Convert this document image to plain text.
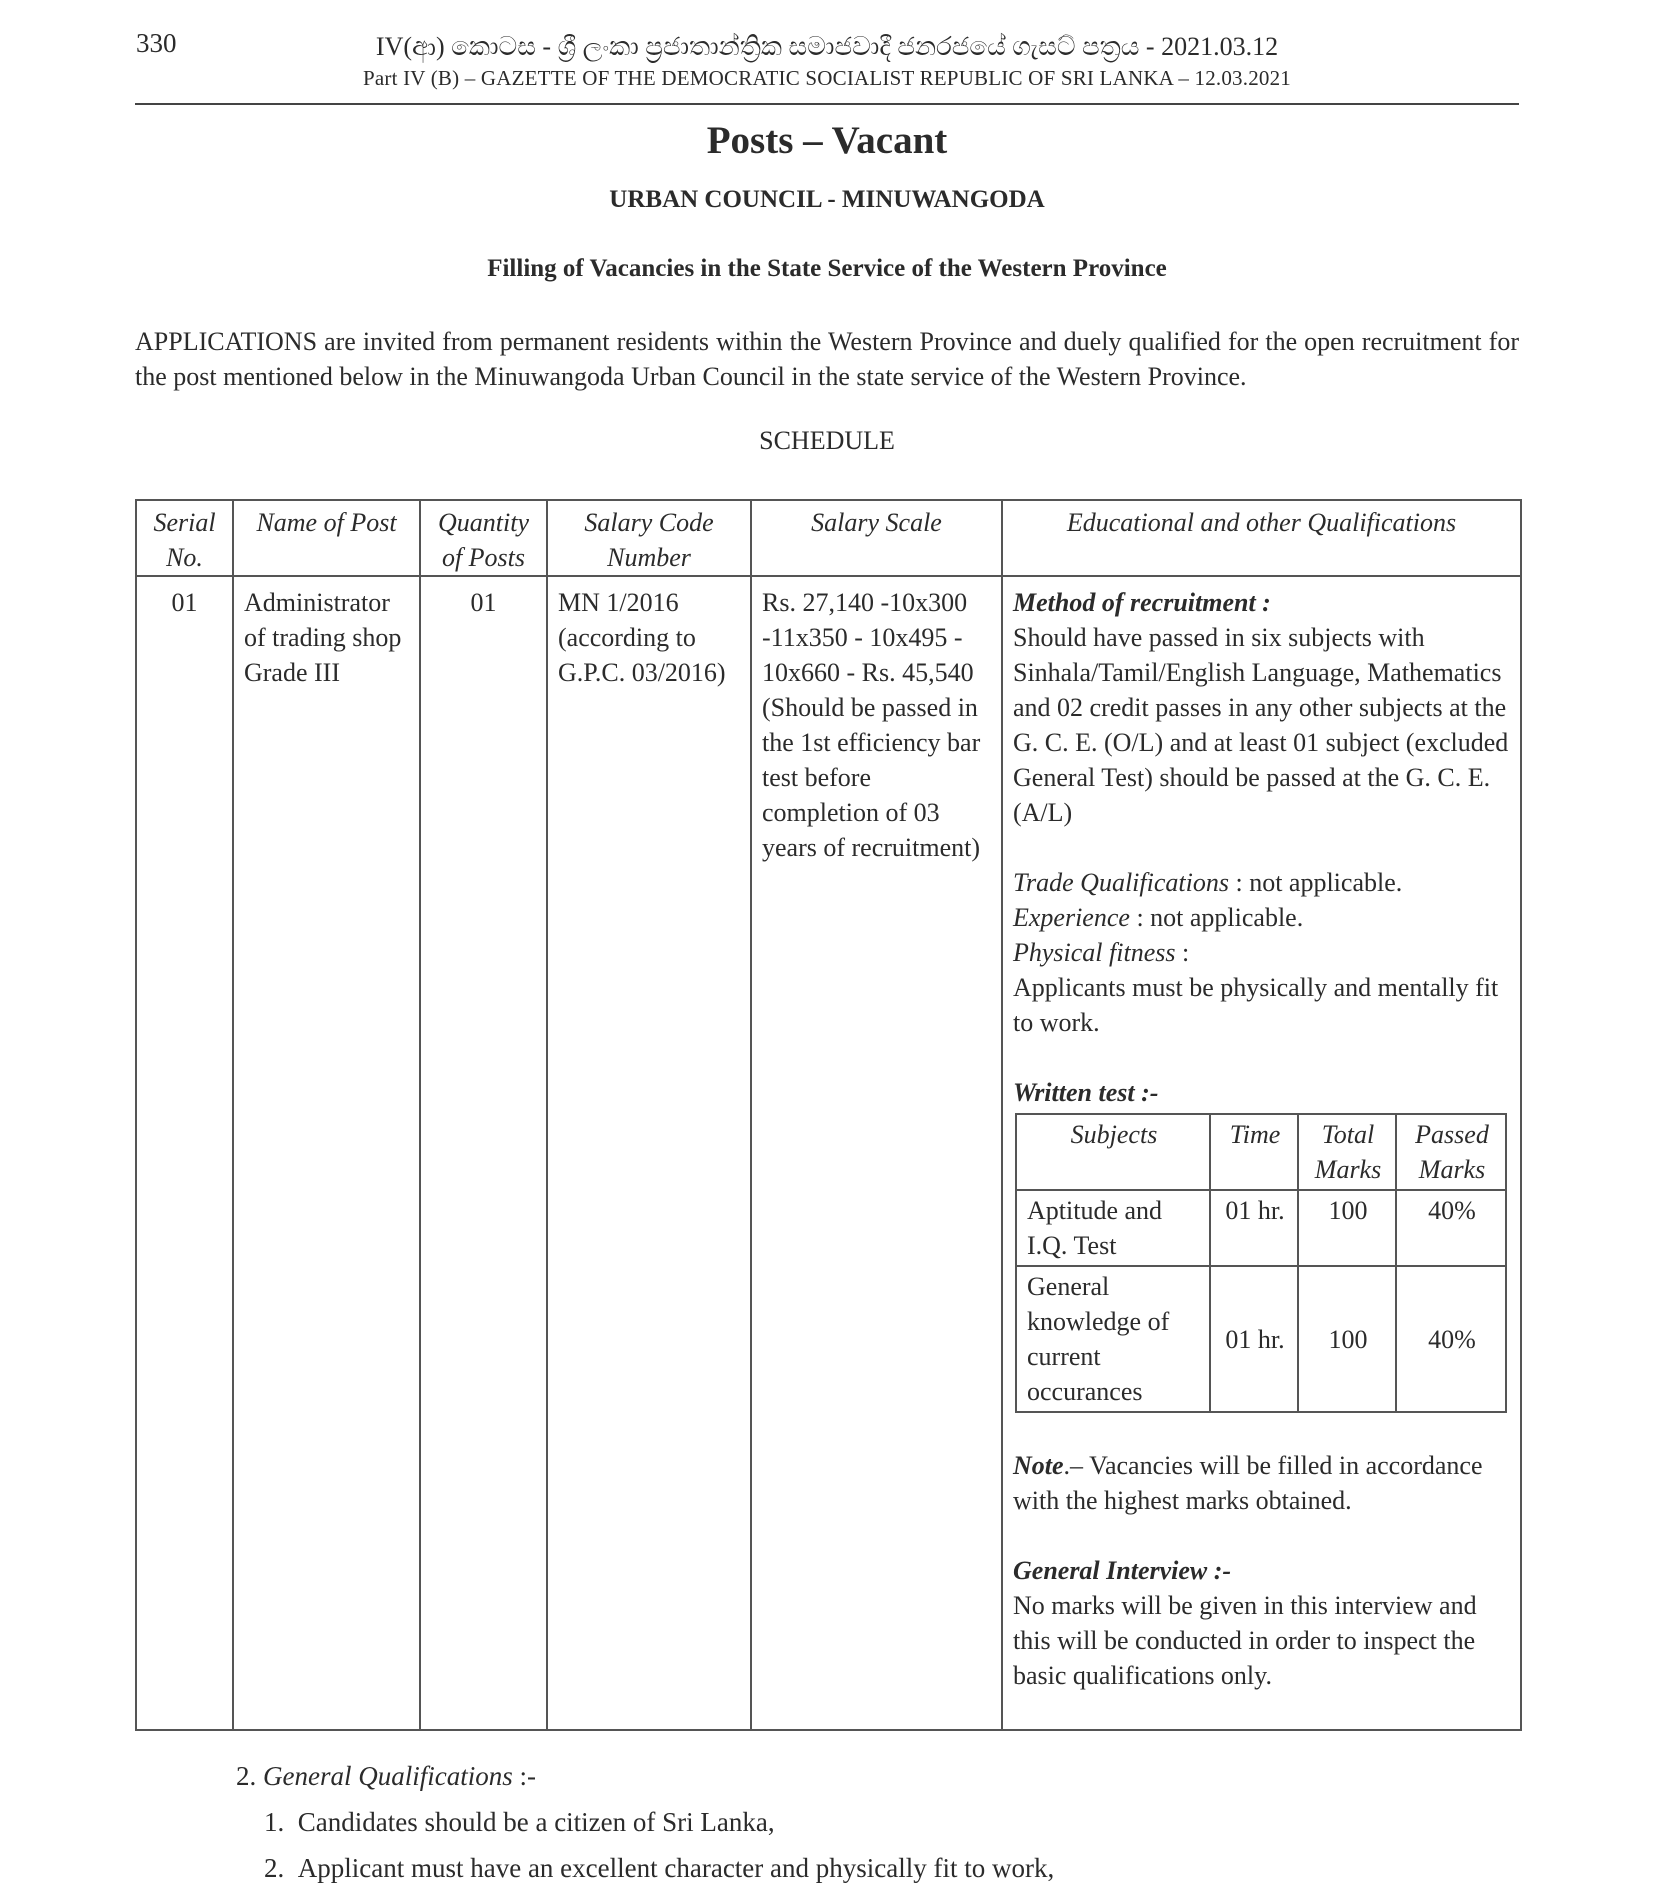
330	IV(ආ) කොටස - ශ්‍රී ලංකා ප්‍රජාතාන්ත්‍රික සමාජවාදී ජනරජයේ ගැසට් පත්‍රය - 2021.03.12
Part IV (B) – GAZETTE OF THE DEMOCRATIC SOCIALIST REPUBLIC OF SRI LANKA – 12.03.2021
Posts – Vacant
URBAN COUNCIL - MINUWANGODA
Filling of Vacancies in the State Service of the Western Province
APPLICATIONS are invited from permanent residents within the Western Province and duely qualified for the open recruitment for the post mentioned below in the Minuwangoda Urban Council in the state service of the Western Province.
SCHEDULE
Serial No.	Name of Post	Quantity of Posts	Salary Code Number	Salary Scale	Educational and other Qualifications
01	Administrator of trading shop Grade III	01	MN 1/2016 (according to G.P.C. 03/2016)	Rs. 27,140 -10x300 -11x350 - 10x495 - 10x660 - Rs. 45,540 (Should be passed in the 1st efficiency bar test before completion of 03 years of recruitment)	
Method of recruitment :
Should have passed in six subjects with Sinhala/Tamil/English Language, Mathematics and 02 credit passes in any other subjects at the G. C. E. (O/L) and at least 01 subject (excluded General Test) should be passed at the G. C. E. (A/L)
Trade Qualifications : not applicable.
Experience : not applicable.
Physical fitness :
Applicants must be physically and mentally fit to work.
Written test :-
Subjects	Time	Total Marks	Passed Marks
Aptitude and I.Q. Test	01 hr.	100	40%
General knowledge of current occurances	01 hr.	100	40%
Note.– Vacancies will be filled in accordance with the highest marks obtained.
General Interview :-
No marks will be given in this interview and this will be conducted in order to inspect the basic qualifications only.
2. General Qualifications :-
1. Candidates should be a citizen of Sri Lanka,
2. Applicant must have an excellent character and physically fit to work,
